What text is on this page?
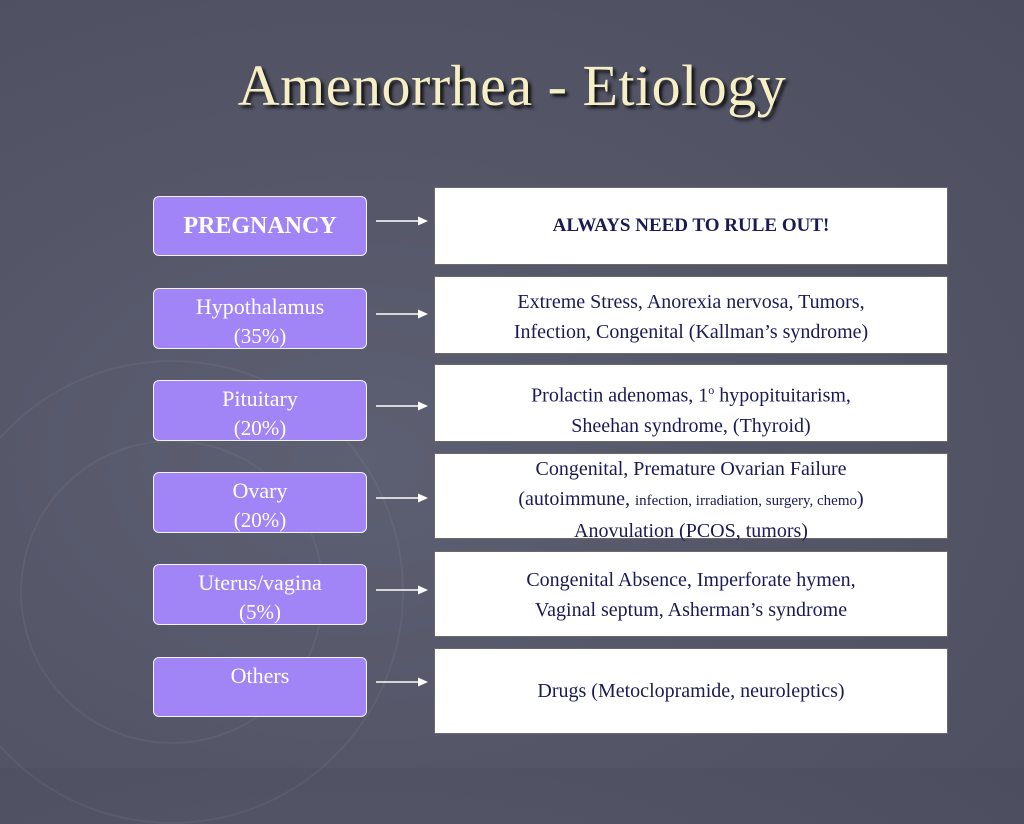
Amenorrhea - Etiology
PREGNANCY	ALWAYS NEED TO RULE OUT!
Hypothalamus
(35%)
Extreme Stress, Anorexia nervosa, Tumors,
Infection, Congenital (Kallman’s syndrome)
Pituitary
(20%)
Prolactin adenomas, 1$^o$ hypopituitarism,
Sheehan syndrome, (Thyroid)
Ovary
(20%)
Congenital, Premature Ovarian Failure
(autoimmune, infection, irradiation, surgery, chemo)
Anovulation (PCOS, tumors)
Uterus/vagina
(5%)
Congenital Absence, Imperforate hymen,
Vaginal septum, Asherman’s syndrome
Others
Drugs (Metoclopramide, neuroleptics)
